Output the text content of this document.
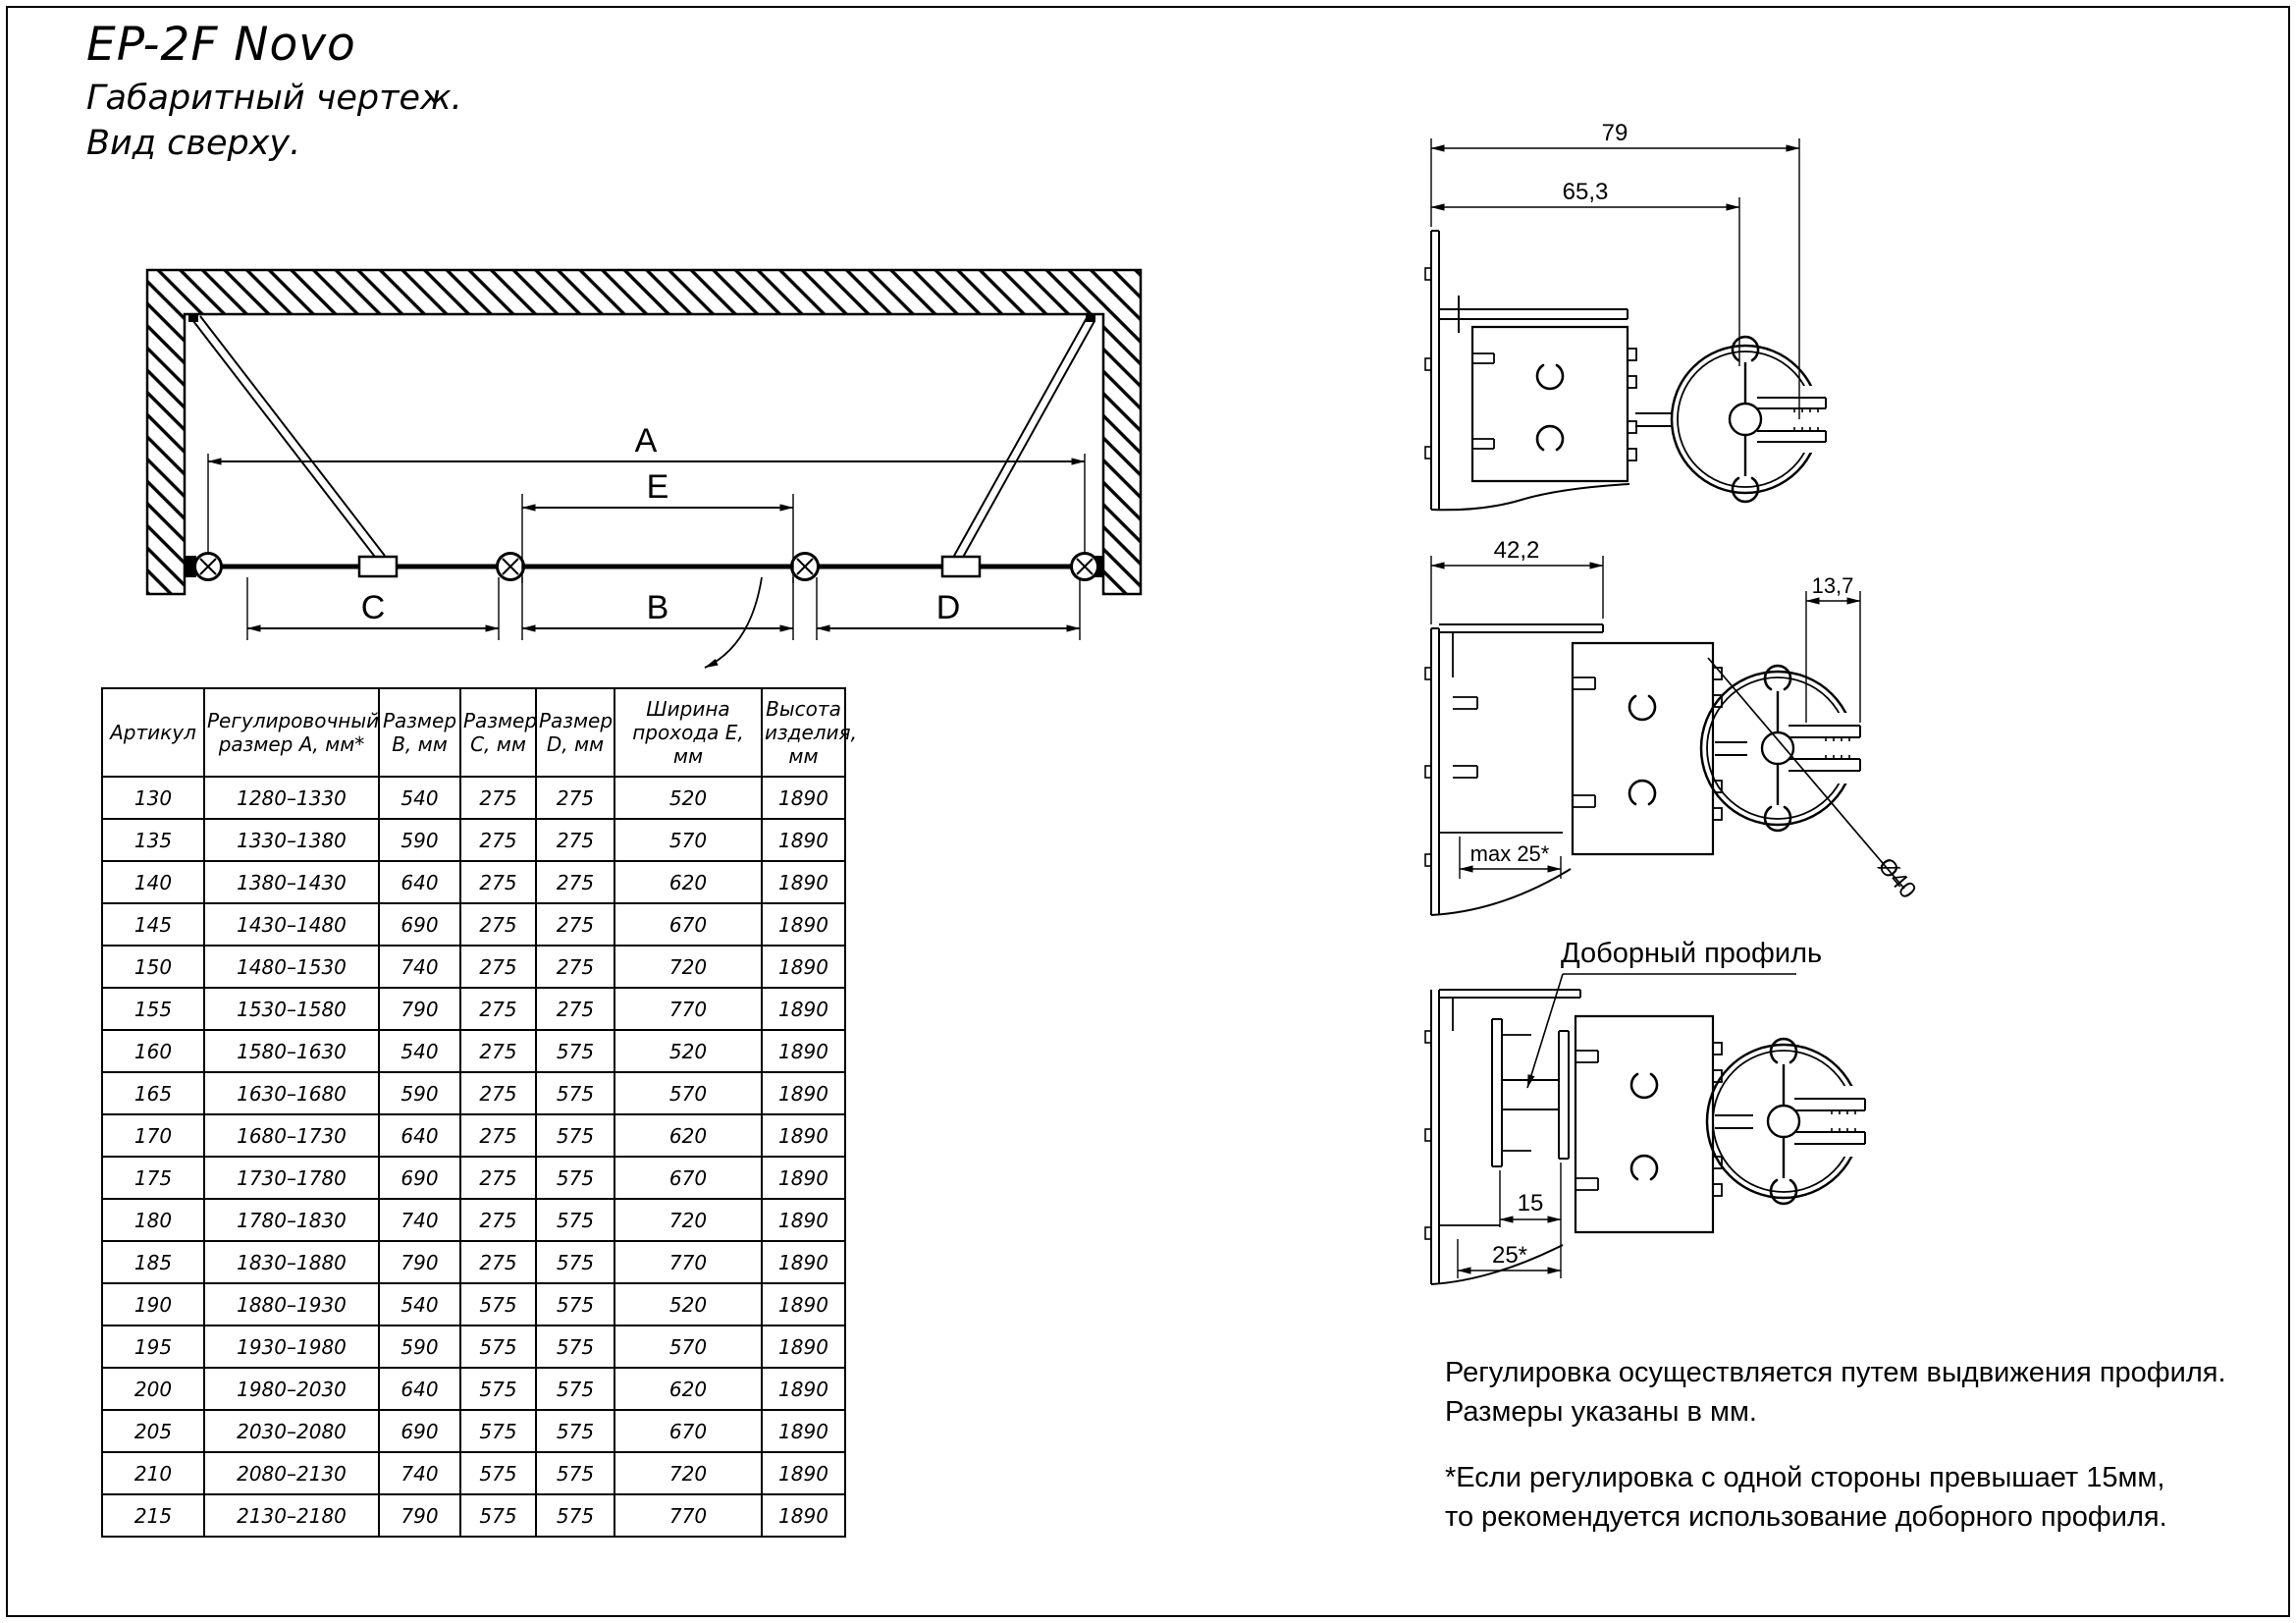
EP-2F Novo
Габаритный чертеж.
Вид сверху.
A
E
C	B	D
Артикул	Регулировочный размер А, мм*	Размер B, мм	Размер C, мм	Размер D, мм	Ширина прохода Е, мм	Высота изделия, мм
130	1280–1330	540	275	275	520	1890
135	1330–1380	590	275	275	570	1890
140	1380–1430	640	275	275	620	1890
145	1430–1480	690	275	275	670	1890
150	1480–1530	740	275	275	720	1890
155	1530–1580	790	275	275	770	1890
160	1580–1630	540	275	575	520	1890
165	1630–1680	590	275	575	570	1890
170	1680–1730	640	275	575	620	1890
175	1730–1780	690	275	575	670	1890
180	1780–1830	740	275	575	720	1890
185	1830–1880	790	275	575	770	1890
190	1880–1930	540	575	575	520	1890
195	1930–1980	590	575	575	570	1890
200	1980–2030	640	575	575	620	1890
205	2030–2080	690	575	575	670	1890
210	2080–2130	740	575	575	720	1890
215	2130–2180	790	575	575	770	1890
79
65,3
42,2
13,7
max 25*	Ø40
Доборный профиль
15
25*

Регулировка осуществляется путем выдвижения профиля.
Размеры указаны в мм.

*Если регулировка с одной стороны превышает 15мм,
то рекомендуется использование доборного профиля.
